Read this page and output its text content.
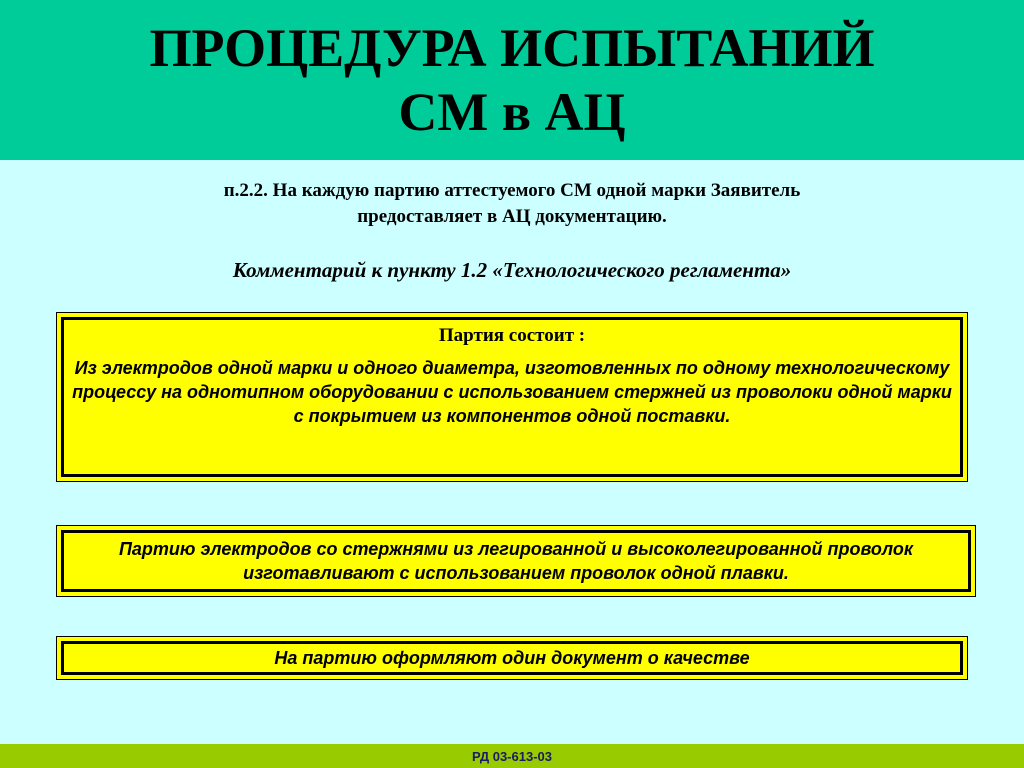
ПРОЦЕДУРА ИСПЫТАНИЙ
СМ в АЦ
п.2.2. На каждую партию аттестуемого СМ одной марки Заявитель
предоставляет в АЦ документацию.
Комментарий к пункту 1.2 «Технологического регламента»
Партия состоит :
Из электродов одной марки и одного диаметра, изготовленных по одному технологическому процессу на однотипном оборудовании с использованием стержней из проволоки одной марки с покрытием из компонентов одной поставки.
Партию электродов со стержнями из легированной и высоколегированной проволок изготавливают с использованием проволок одной плавки.
На партию оформляют один документ о качестве
РД 03-613-03
